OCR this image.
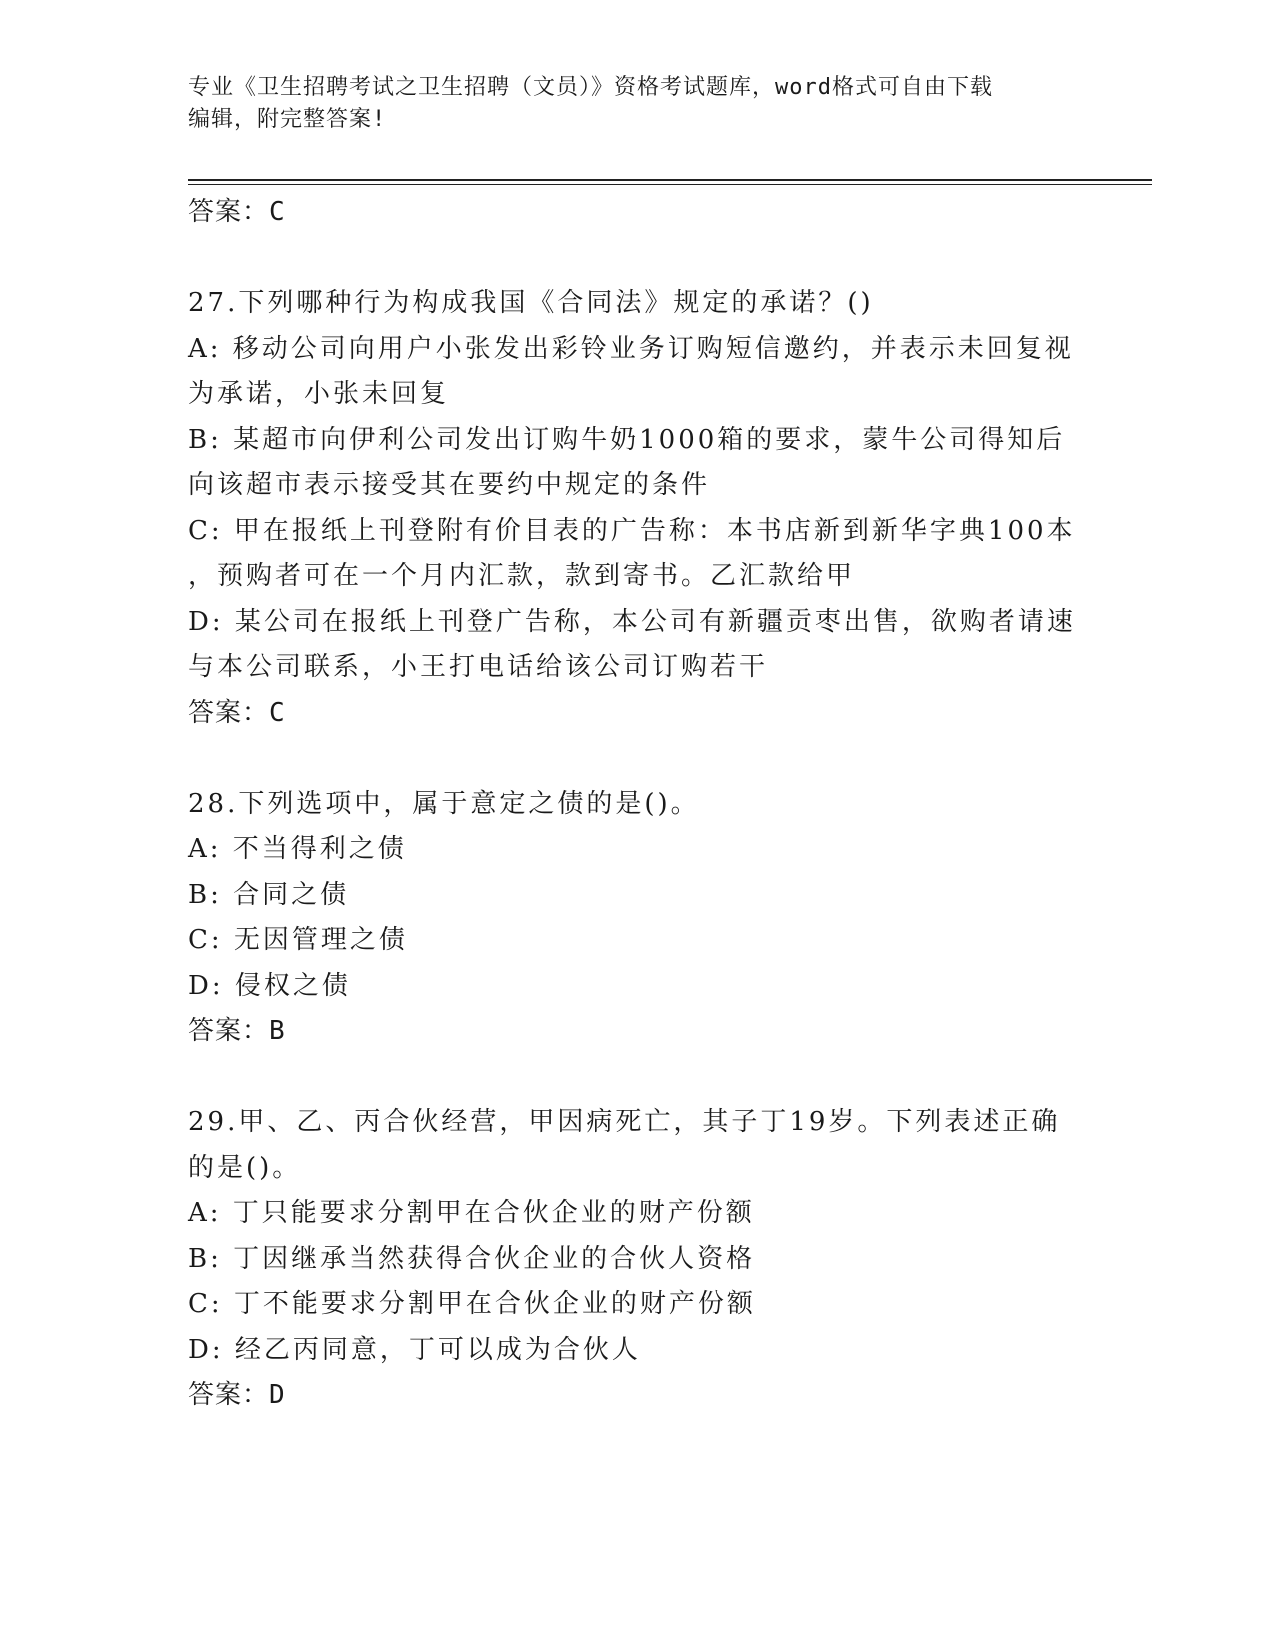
专业《卫生招聘考试之卫生招聘（文员）》资格考试题库，word格式可自由下载
编辑，附完整答案!
答案：C
27.下列哪种行为构成我国《合同法》规定的承诺？()
A: 移动公司向用户小张发出彩铃业务订购短信邀约，并表示未回复视
为承诺，小张未回复
B: 某超市向伊利公司发出订购牛奶1000箱的要求，蒙牛公司得知后
向该超市表示接受其在要约中规定的条件
C: 甲在报纸上刊登附有价目表的广告称：本书店新到新华字典100本
，预购者可在一个月内汇款，款到寄书。乙汇款给甲
D: 某公司在报纸上刊登广告称，本公司有新疆贡枣出售，欲购者请速
与本公司联系，小王打电话给该公司订购若干
答案：C
28.下列选项中，属于意定之债的是()。
A: 不当得利之债
B: 合同之债
C: 无因管理之债
D: 侵权之债
答案：B
29.甲、乙、丙合伙经营，甲因病死亡，其子丁19岁。下列表述正确
的是()。
A: 丁只能要求分割甲在合伙企业的财产份额
B: 丁因继承当然获得合伙企业的合伙人资格
C: 丁不能要求分割甲在合伙企业的财产份额
D: 经乙丙同意，丁可以成为合伙人
答案：D
